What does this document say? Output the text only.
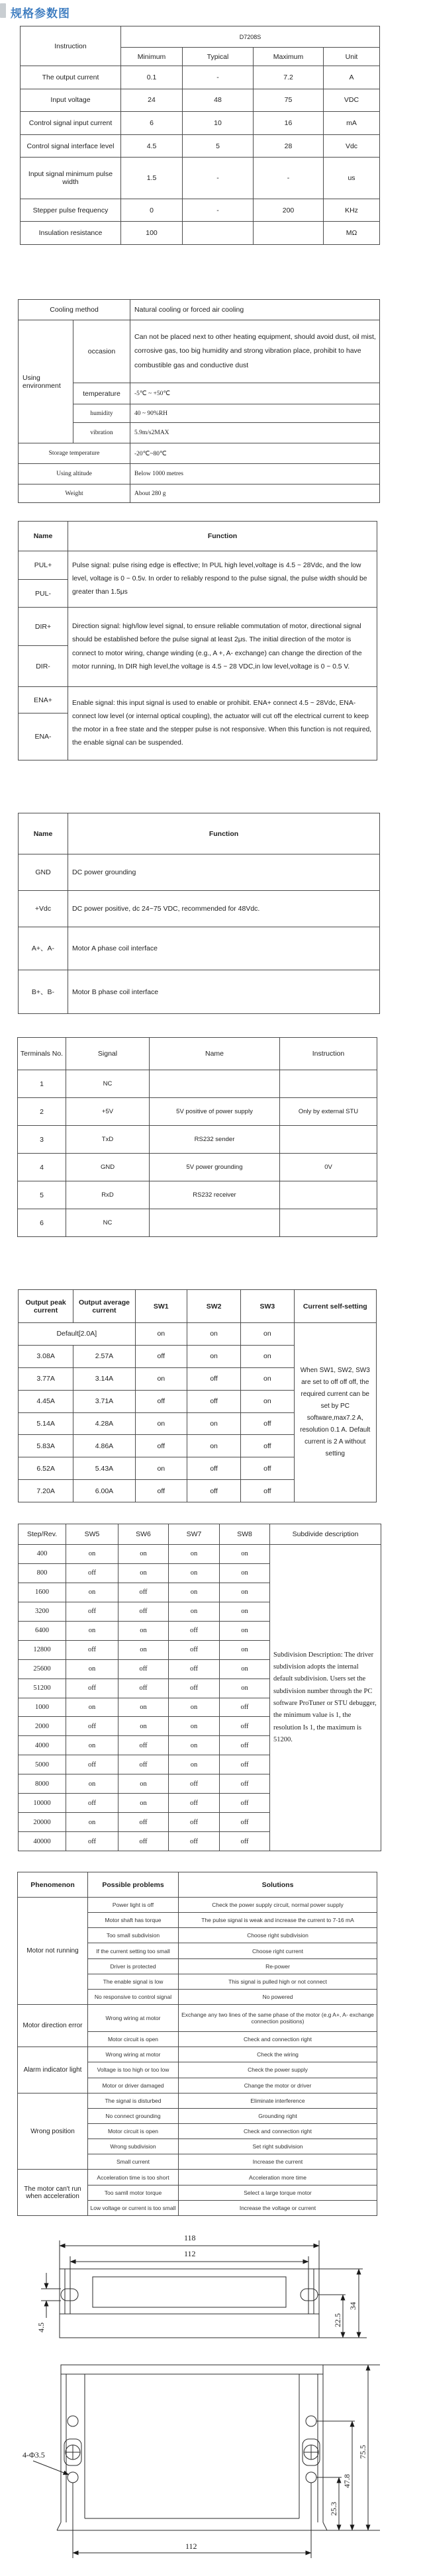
规格参数图
Instruction	D7208S			
	Minimum	Typical	Maximum	Unit
The output current	0.1	-	7.2	A
Input voltage	24	48	75	VDC
Control signal input current	6	10	16	mA
Control signal interface level	4.5	5	28	Vdc
Input signal minimum pulse width	1.5	-	-	us
Stepper pulse frequency	0	-	200	KHz
Insulation resistance	100			MΩ
Cooling method		Natural cooling or forced air cooling
Using environment	occasion	Can not be placed next to other heating equipment, should avoid dust, oil mist, corrosive gas, too big humidity and strong vibration place, prohibit to have combustible gas and conductive dust
	temperature	-5℃ ~ +50℃
	humidity	40 ~ 90%RH
	vibration	5.9m/s2MAX
Storage temperature		-20℃~80℃
Using altitude		Below 1000 metres
Weight		About 280 g
Name	Function
PUL+	Pulse signal: pulse rising edge is effective; In PUL high level,voltage is 4.5 ~ 28Vdc, and the low level, voltage is 0 ~ 0.5v. In order to reliably respond to the pulse signal, the pulse width should be greater than 1.5μs
PUL-	
DIR+	Direction signal: high/low level signal, to ensure reliable commutation of motor, directional signal should be established before the pulse signal at least 2μs. The initial direction of the motor is connect to motor wiring, change winding (e.g., A +, A- exchange) can change the direction of the motor running, In DIR high level,the voltage is 4.5 ~ 28 VDC,in low level,voltage is 0 ~ 0.5 V.
DIR-	
ENA+	Enable signal: this input signal is used to enable or prohibit. ENA+ connect 4.5 ~ 28Vdc, ENA- connect low level (or internal optical coupling), the actuator will cut off the electrical current to keep the motor in a free state and the stepper pulse is not responsive. When this function is not required, the enable signal can be suspended.
ENA-	
Name	Function
GND	DC power grounding
+Vdc	DC power positive, dc 24~75 VDC, recommended for 48Vdc.
A+、A-	Motor A phase coil interface
B+、B-	Motor B phase coil interface
Terminals No.	Signal	Name	Instruction
1	NC		
2	+5V	5V positive of power supply	Only by external STU
3	TxD	RS232 sender	
4	GND	5V power grounding	0V
5	RxD	RS232 receiver	
6	NC		
Output peak current	Output average current	SW1	SW2	SW3	Current self-setting
Default[2.0A]		on	on	on	When SW1, SW2, SW3 are set to off off off, the required current can be set by PC software,max7.2 A, resolution 0.1 A. Default current is 2 A without setting
3.08A	2.57A	off	on	on	
3.77A	3.14A	on	off	on	
4.45A	3.71A	off	off	on	
5.14A	4.28A	on	on	off	
5.83A	4.86A	off	on	off	
6.52A	5.43A	on	off	off	
7.20A	6.00A	off	off	off	
Step/Rev.	SW5	SW6	SW7	SW8	Subdivide description
400	on	on	on	on	Subdivision Description: The driver subdivision adopts the internal default subdivision. Users set the subdivision number through the PC software ProTuner or STU debugger, the minimum value is 1, the resolution Is 1, the maximum is 51200.
800	off	on	on	on	
1600	on	off	on	on	
3200	off	off	on	on	
6400	on	on	off	on	
12800	off	on	off	on	
25600	on	off	off	on	
51200	off	off	off	on	
1000	on	on	on	off	
2000	off	on	on	off	
4000	on	off	on	off	
5000	off	off	on	off	
8000	on	on	off	off	
10000	off	on	off	off	
20000	on	off	off	off	
40000	off	off	off	off	
Phenomenon	Possible problems	Solutions
Motor not running	Power light is off	Check the power supply circuit, normal power supply
	Motor shaft has torque	The pulse signal is weak and increase the current to 7-16 mA
	Too small subdivision	Choose right subdivision
	If the current setting too small	Choose right current
	Driver is protected	Re-power
	The enable signal is low	This signal is pulled high or not connect
	No responsive to control signal	No powered
Motor direction error	Wrong wiring at motor	Exchange any two lines of the same phase of the motor (e.g A+, A- exchange connection positions)
	Motor circuit is open	Check and connection right
Alarm indicator light	Wrong wiring at motor	Check the wiring
	Voltage is too high or too low	Check the power supply
	Motor or driver damaged	Change the motor or driver
Wrong position	The signal is disturbed	Eliminate interference
	No connect grounding	Grounding right
	Motor circuit is open	Check and connection right
	Wrong subdivision	Set right subdivision
	Small current	Increase the current
The motor can't run when acceleration	Acceleration time is too short	Acceleration more time
	Too samll motor torque	Select a large torque motor
	Low voltage or current is too small	Increase the voltage or current
118
112
4.5
22.5
34
4-Φ3.5
112
25.3
47.8
75.5
